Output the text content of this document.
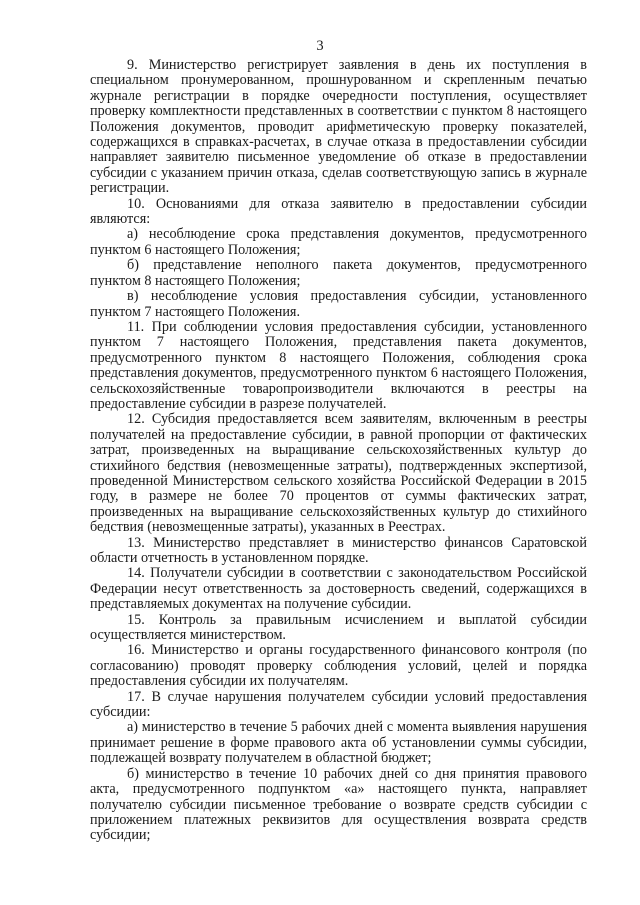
3

9. Министерство регистрирует заявления в день их поступления в специальном пронумерованном, прошнурованном и скрепленным печатью журнале регистрации в порядке очередности поступления, осуществляет проверку комплектности представленных в соответствии с пунктом 8 настоящего Положения документов, проводит арифметическую проверку показателей, содержащихся в справках-расчетах, в случае отказа в предоставлении субсидии направляет заявителю письменное уведомление об отказе в предоставлении субсидии с указанием причин отказа, сделав соответствующую запись в журнале регистрации.

10. Основаниями для отказа заявителю в предоставлении субсидии являются:

а) несоблюдение срока представления документов, предусмотренного пунктом 6 настоящего Положения;

б) представление неполного пакета документов, предусмотренного пунктом 8 настоящего Положения;

в) несоблюдение условия предоставления субсидии, установленного пунктом 7 настоящего Положения.

11. При соблюдении условия предоставления субсидии, установленного пунктом 7 настоящего Положения, представления пакета документов, предусмотренного пунктом 8 настоящего Положения, соблюдения срока представления документов, предусмотренного пунктом 6 настоящего Положения, сельскохозяйственные товаропроизводители включаются в реестры на предоставление субсидии в разрезе получателей.

12. Субсидия предоставляется всем заявителям, включенным в реестры получателей на предоставление субсидии, в равной пропорции от фактических затрат, произведенных на выращивание сельскохозяйственных культур до стихийного бедствия (невозмещенные затраты), подтвержденных экспертизой, проведенной Министерством сельского хозяйства Российской Федерации в 2015 году, в размере не более 70 процентов от суммы фактических затрат, произведенных на выращивание сельскохозяйственных культур до стихийного бедствия (невозмещенные затраты), указанных в Реестрах.

13. Министерство представляет в министерство финансов Саратовской области отчетность в установленном порядке.

14. Получатели субсидии в соответствии с законодательством Российской Федерации несут ответственность за достоверность сведений, содержащихся в представляемых документах на получение субсидии.

15. Контроль за правильным исчислением и выплатой субсидии осуществляется министерством.

16. Министерство и органы государственного финансового контроля (по согласованию) проводят проверку соблюдения условий, целей и порядка предоставления субсидии их получателям.

17. В случае нарушения получателем субсидии условий предоставления субсидии:

а) министерство в течение 5 рабочих дней с момента выявления нарушения принимает решение в форме правового акта об установлении суммы субсидии, подлежащей возврату получателем в областной бюджет;

б) министерство в течение 10 рабочих дней со дня принятия правового акта, предусмотренного подпунктом «а» настоящего пункта, направляет получателю субсидии письменное требование о возврате средств субсидии с приложением платежных реквизитов для осуществления возврата средств субсидии;
